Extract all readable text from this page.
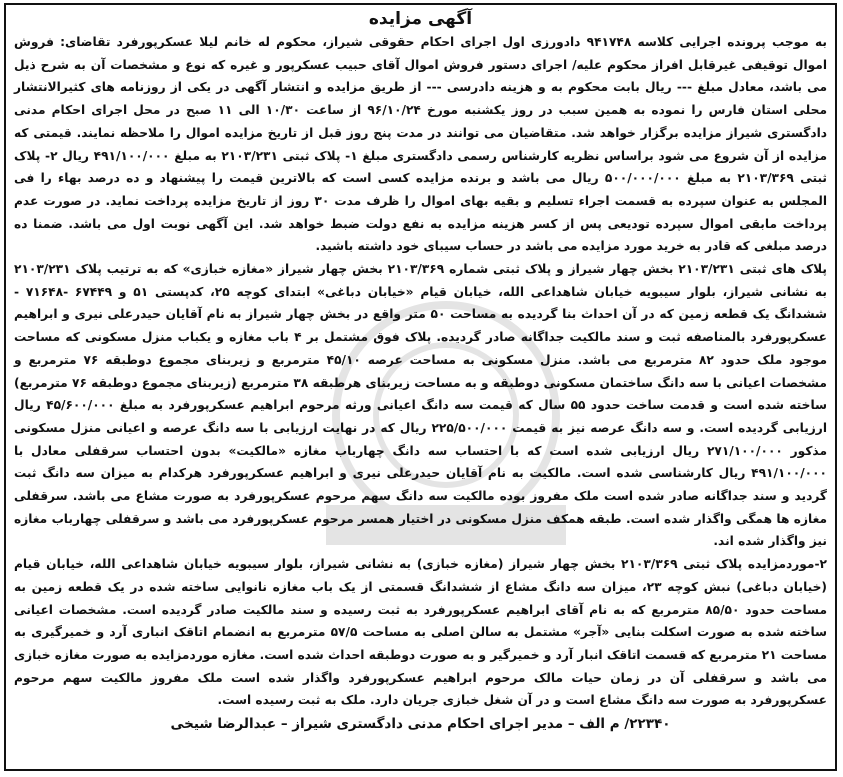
آگهی مزایده

به موجب پرونده اجرایی کلاسه ۹۴۱۷۴۸ دادورزی اول اجرای احکام حقوقی شیراز، محکوم له خانم لیلا عسکرپورفرد تقاضای: فروش اموال توقیفی غیرقابل افراز محکوم علیه/ اجرای دستور فروش اموال آقای حبیب عسکرپور و غیره که نوع و مشخصات آن به شرح ذیل می باشد، معادل مبلغ --- ریال بابت محکوم به و هزینه دادرسی --- از طریق مزایده و انتشار آگهی در یکی از روزنامه های کثیرالانتشار محلی استان فارس را نموده به همین سبب در روز یکشنبه مورخ ۹۶/۱۰/۲۴ از ساعت ۱۰/۳۰ الی ۱۱ صبح در محل اجرای احکام مدنی دادگستری شیراز مزایده برگزار خواهد شد. متقاضیان می توانند در مدت پنج روز قبل از تاریخ مزایده اموال را ملاحظه نمایند. قیمتی که مزایده از آن شروع می شود براساس نظریه کارشناس رسمی دادگستری مبلغ ۱- پلاک ثبتی ۲۱۰۳/۲۳۱ به مبلغ ۴۹۱/۱۰۰/۰۰۰ ریال ۲- پلاک ثبتی ۲۱۰۳/۳۶۹ به مبلغ ۵۰۰/۰۰۰/۰۰۰ ریال می باشد و برنده مزایده کسی است که بالاترین قیمت را پیشنهاد و ده درصد بهاء را فی المجلس به عنوان سپرده به قسمت اجراء تسلیم و بقیه بهای اموال را ظرف مدت ۳۰ روز از تاریخ مزایده پرداخت نماید. در صورت عدم پرداخت مابقی اموال سپرده تودیعی پس از کسر هزینه مزایده به نفع دولت ضبط خواهد شد. این آگهی نوبت اول می باشد. ضمنا ده درصد مبلغی که قادر به خرید مورد مزایده می باشد در حساب سیبای خود داشته باشید.

پلاک های ثبتی ۲۱۰۳/۲۳۱ بخش چهار شیراز و پلاک ثبتی شماره ۲۱۰۳/۳۶۹ بخش چهار شیراز «مغازه خبازی» که به ترتیب پلاک ۲۱۰۳/۲۳۱ به نشانی شیراز، بلوار سیبویه خیابان شاهداعی الله، خیابان قیام «خیابان دباغی» ابتدای کوچه ۲۵، کدپستی ۵۱ و ۶۷۴۴۹ -۷۱۶۴۸ - ششدانگ یک قطعه زمین که در آن احداث بنا گردیده به مساحت ۵۰ متر واقع در بخش چهار شیراز به نام آقایان حیدرعلی نیری و ابراهیم عسکرپورفرد بالمناصفه ثبت و سند مالکیت جداگانه صادر گردیده. پلاک فوق مشتمل بر ۴ باب مغازه و یکباب منزل مسکونی که مساحت موجود ملک حدود ۸۲ مترمربع می باشد. منزل مسکونی به مساحت عرصه ۴۵/۱۰ مترمربع و زیربنای مجموع دوطبقه ۷۶ مترمربع و مشخصات اعیانی با سه دانگ ساختمان مسکونی دوطبقه و به مساحت زیربنای هرطبقه ۳۸ مترمربع (زیربنای مجموع دوطبقه ۷۶ مترمربع) ساخته شده است و قدمت ساخت حدود ۵۵ سال که قیمت سه دانگ اعیانی ورثه مرحوم ابراهیم عسکرپورفرد به مبلغ ۴۵/۶۰۰/۰۰۰ ریال ارزیابی گردیده است. و سه دانگ عرصه نیز به قیمت ۲۲۵/۵۰۰/۰۰۰ ریال که در نهایت ارزیابی با سه دانگ عرصه و اعیانی منزل مسکونی مذکور ۲۷۱/۱۰۰/۰۰۰ ریال ارزیابی شده است که با احتساب سه دانگ چهارباب مغازه «مالکیت» بدون احتساب سرقفلی معادل با ۴۹۱/۱۰۰/۰۰۰ ریال کارشناسی شده است. مالکیت به نام آقایان حیدرعلی نیری و ابراهیم عسکرپورفرد هرکدام به میزان سه دانگ ثبت گردید و سند جداگانه صادر شده است ملک مفروز بوده مالکیت سه دانگ سهم مرحوم عسکرپورفرد به صورت مشاع می باشد. سرقفلی مغازه ها همگی واگذار شده است. طبقه همکف منزل مسکونی در اختیار همسر مرحوم عسکرپورفرد می باشد و سرقفلی چهارباب مغازه نیز واگذار شده اند.

۲-موردمزایده پلاک ثبتی ۲۱۰۳/۳۶۹ بخش چهار شیراز (مغازه خبازی) به نشانی شیراز، بلوار سیبویه خیابان شاهداعی الله، خیابان قیام (خیابان دباغی) نبش کوچه ۲۳، میزان سه دانگ مشاع از ششدانگ قسمتی از یک باب مغازه نانوایی ساخته شده در یک قطعه زمین به مساحت حدود ۸۵/۵۰ مترمربع که به نام آقای ابراهیم عسکرپورفرد به ثبت رسیده و سند مالکیت صادر گردیده است. مشخصات اعیانی ساخته شده به صورت اسکلت بنایی «آجر» مشتمل به سالن اصلی به مساحت ۵۷/۵ مترمربع به انضمام اتاقک انباری آرد و خمیرگیری به مساحت ۲۱ مترمربع که قسمت اتاقک انبار آرد و خمیرگیر و به صورت دوطبقه احداث شده است. مغازه موردمزایده به صورت مغازه خبازی می باشد و سرقفلی آن در زمان حیات مالک مرحوم ابراهیم عسکرپورفرد واگذار شده است ملک مفروز مالکیت سهم مرحوم عسکرپورفرد به صورت سه دانگ مشاع است و در آن شغل خبازی جریان دارد. ملک به ثبت رسیده است.

۲۲۳۴۰/ م الف – مدیر اجرای احکام مدنی دادگستری شیراز – عبدالرضا شیخی
